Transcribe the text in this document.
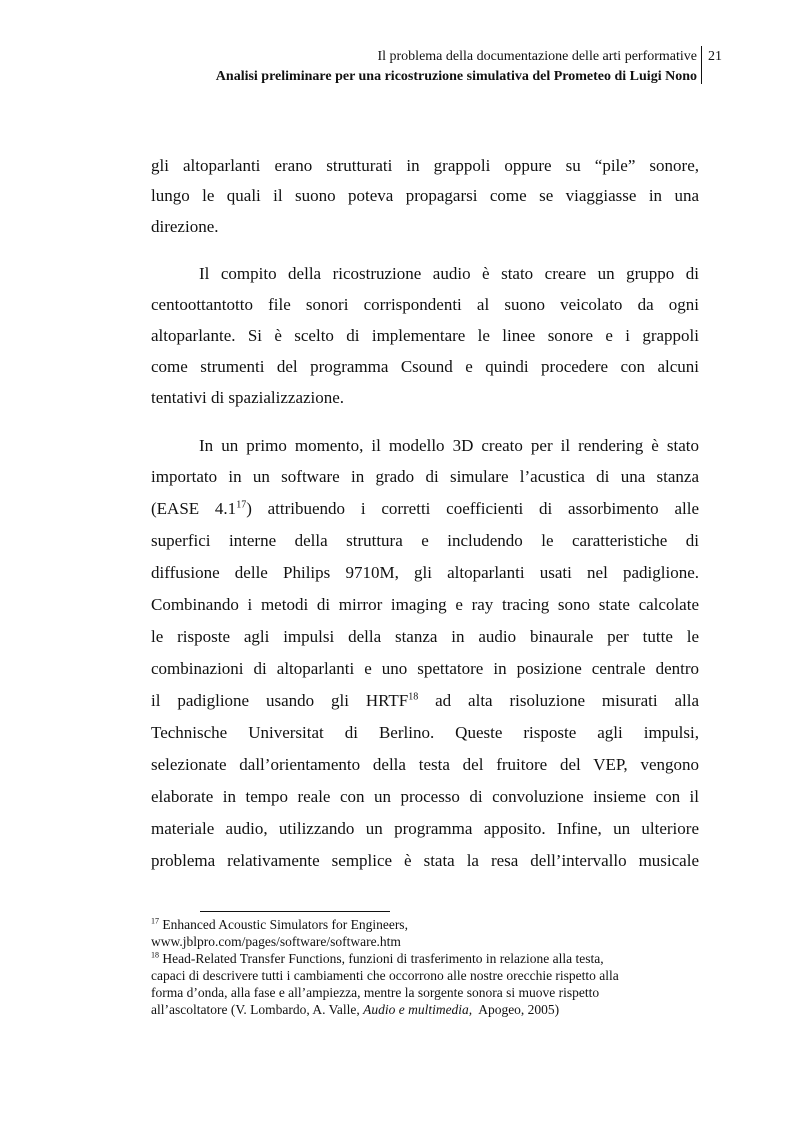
Il problema della documentazione delle arti performative
Analisi preliminare per una ricostruzione simulativa del Prometeo di Luigi Nono
21
gli altoparlanti erano strutturati in grappoli oppure su “pile” sonore,
lungo le quali il suono poteva propagarsi come se viaggiasse in una
direzione.
Il compito della ricostruzione audio è stato creare un gruppo di
centoottantotto file sonori corrispondenti al suono veicolato da ogni
altoparlante. Si è scelto di implementare le linee sonore e i grappoli
come strumenti del programma Csound e quindi procedere con alcuni
tentativi di spazializzazione.
In un primo momento, il modello 3D creato per il rendering è stato
importato in un software in grado di simulare l’acustica di una stanza
(EASE $4.1^{17}$) attribuendo i corretti coefficienti di assorbimento alle
superfici interne della struttura e includendo le caratteristiche di
diffusione delle Philips 9710M, gli altoparlanti usati nel padiglione.
Combinando i metodi di mirror imaging e ray tracing sono state calcolate
le risposte agli impulsi della stanza in audio binaurale per tutte le
combinazioni di altoparlanti e uno spettatore in posizione centrale dentro
il padiglione usando gli HRTF$^{18}$ ad alta risoluzione misurati alla
Technische Universitat di Berlino. Queste risposte agli impulsi,
selezionate dall’orientamento della testa del fruitore del VEP, vengono
elaborate in tempo reale con un processo di convoluzione insieme con il
materiale audio, utilizzando un programma apposito. Infine, un ulteriore
problema relativamente semplice è stata la resa dell’intervallo musicale
$^{17}$ Enhanced Acoustic Simulators for Engineers,
www.jblpro.com/pages/software/software.htm
$^{18}$ Head-Related Transfer Functions, funzioni di trasferimento in relazione alla testa,
capaci di descrivere tutti i cambiamenti che occorrono alle nostre orecchie rispetto alla
forma d’onda, alla fase e all’ampiezza, mentre la sorgente sonora si muove rispetto
all’ascoltatore (V. Lombardo, A. Valle, Audio e multimedia,  Apogeo, 2005)
